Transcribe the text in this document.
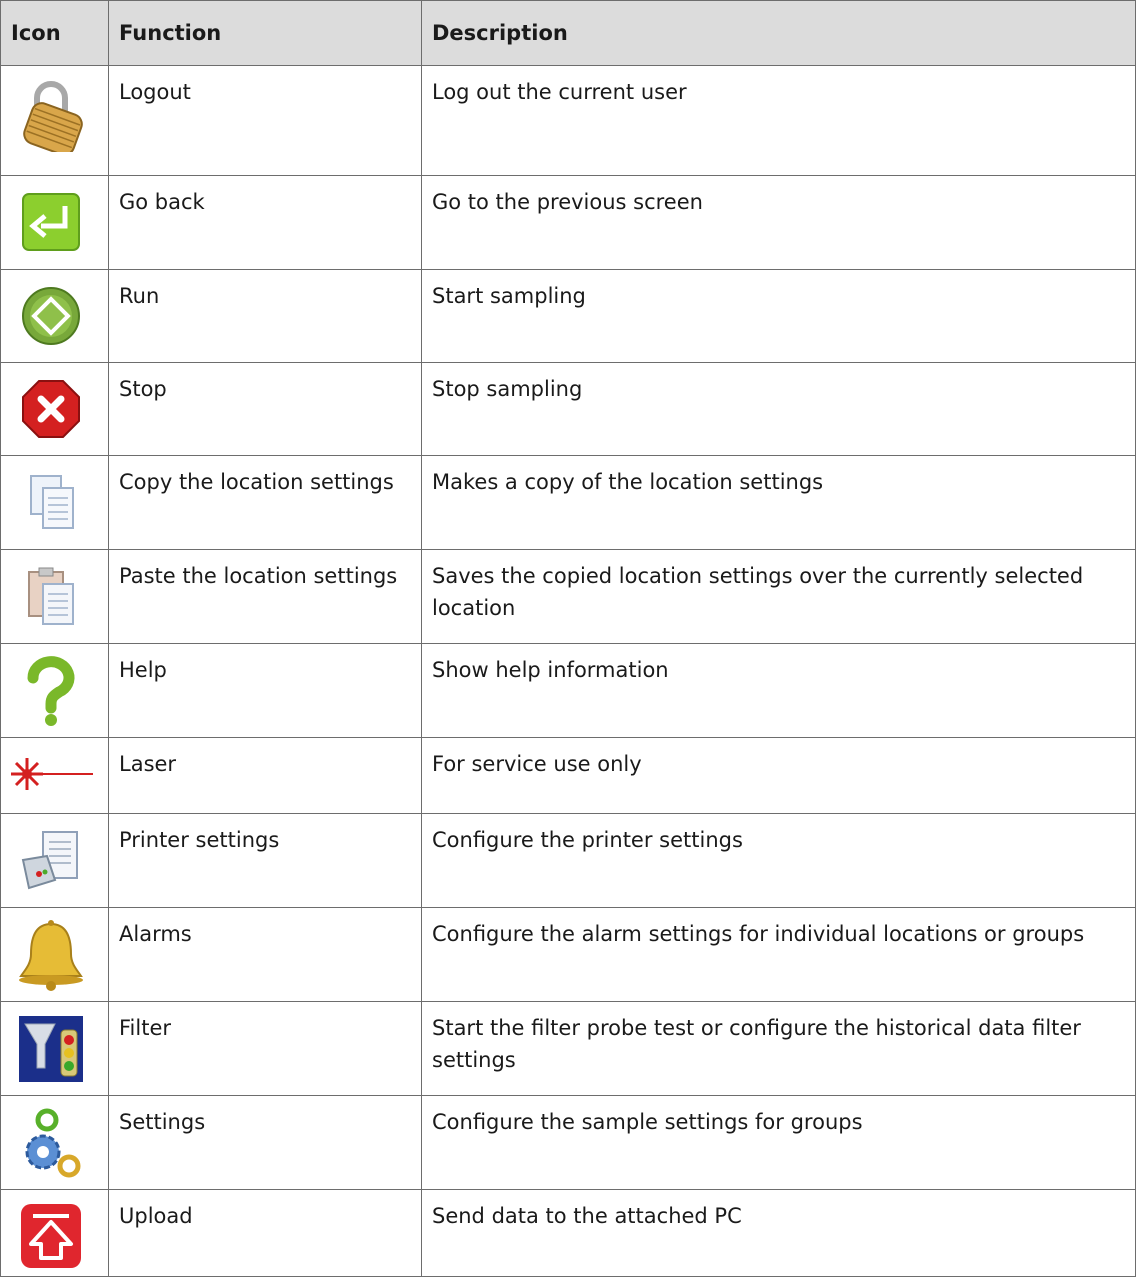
Icon	Function	Description

	Logout	Log out the current user

	Go back	Go to the previous screen

	Run	Start sampling

	Stop	Stop sampling

	Copy the location settings	Makes a copy of the location settings

	Paste the location settings	Saves the copied location settings over the currently selected location

	Help	Show help information

	Laser	For service use only

	Printer settings	Configure the printer settings

	Alarms	Configure the alarm settings for individual locations or groups

	Filter	Start the filter probe test or configure the historical data filter settings

	Settings	Configure the sample settings for groups

	Upload	Send data to the attached PC
